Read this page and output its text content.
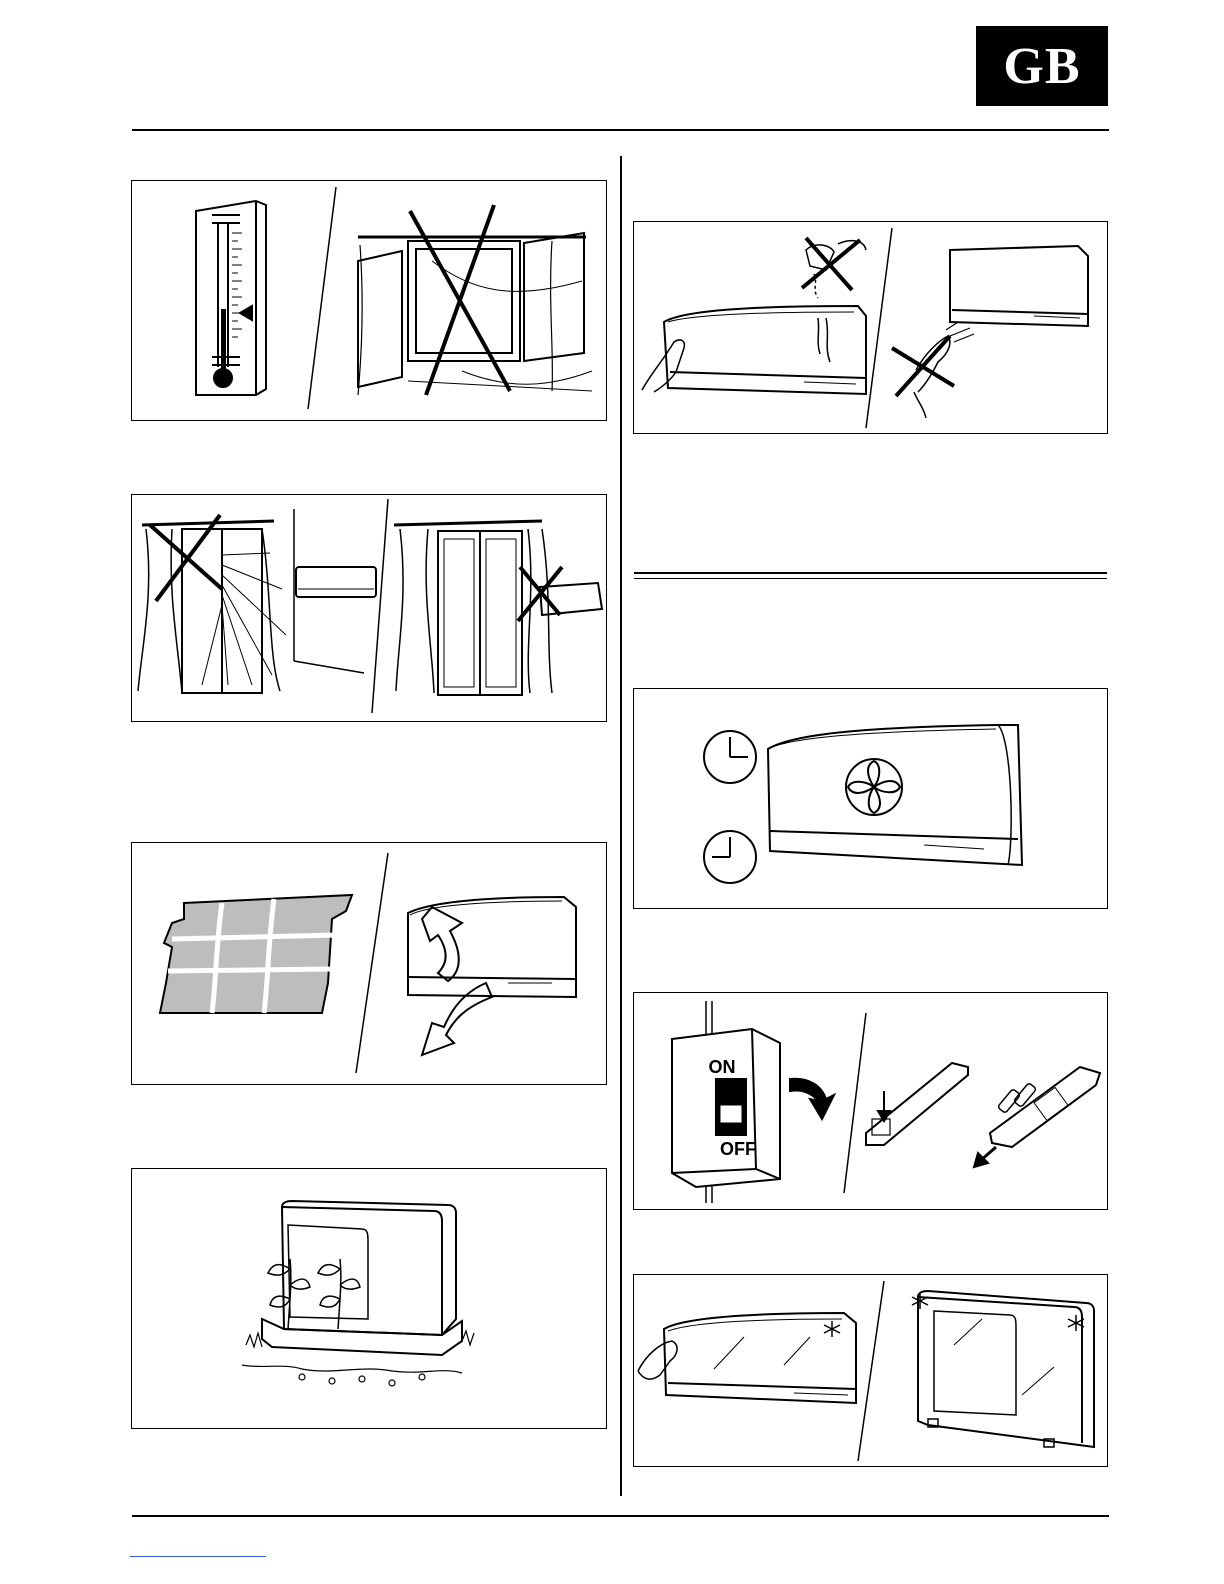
GB
ON
OFF
